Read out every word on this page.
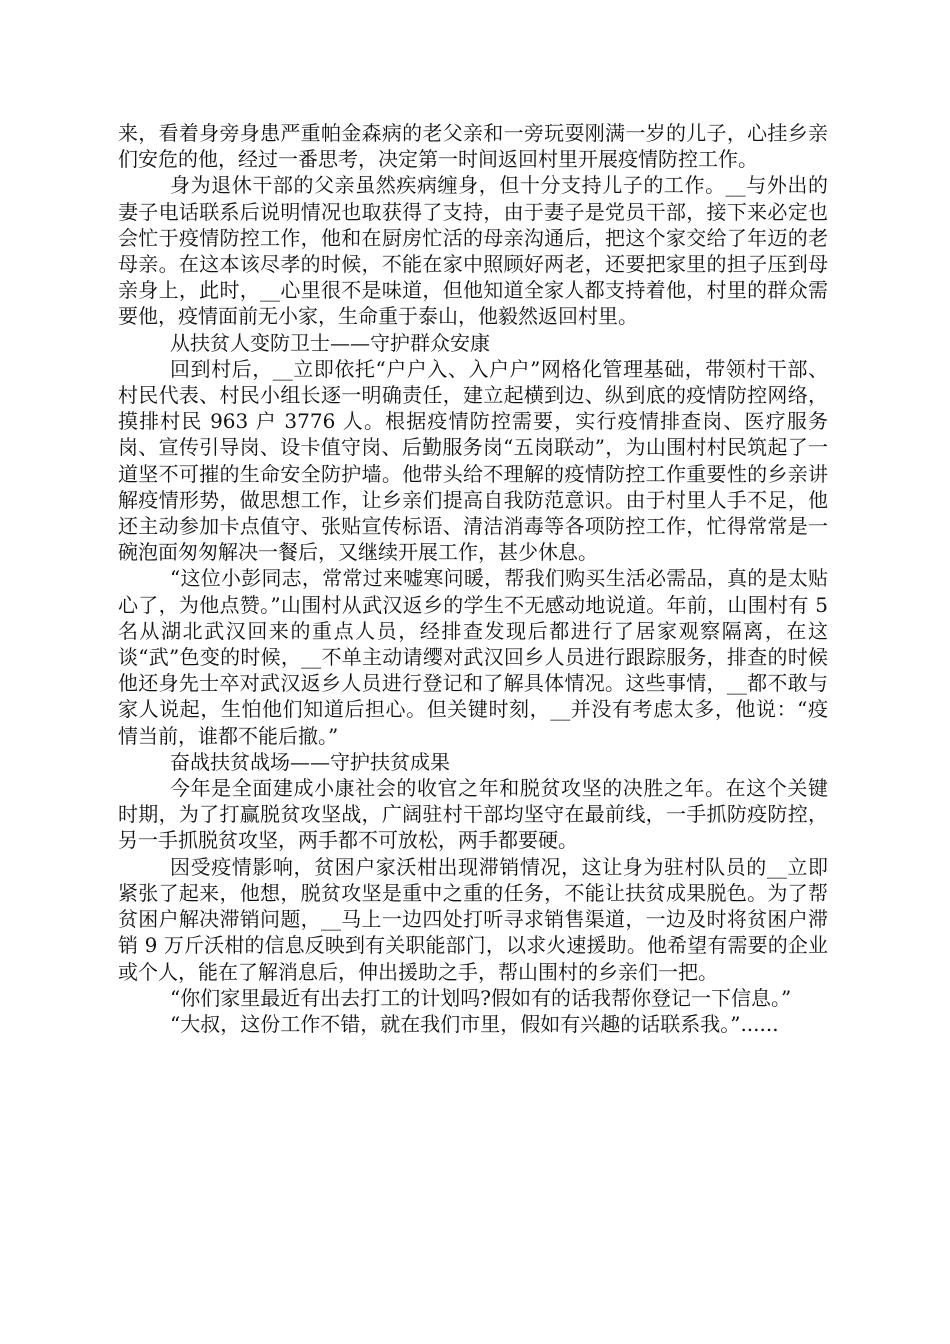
来，看着身旁身患严重帕金森病的老父亲和一旁玩耍刚满一岁的儿子，心挂乡亲们安危的他，经过一番思考，决定第一时间返回村里开展疫情防控工作。

身为退休干部的父亲虽然疾病缠身，但十分支持儿子的工作。__与外出的妻子电话联系后说明情况也取获得了支持，由于妻子是党员干部，接下来必定也会忙于疫情防控工作，他和在厨房忙活的母亲沟通后，把这个家交给了年迈的老母亲。在这本该尽孝的时候，不能在家中照顾好两老，还要把家里的担子压到母亲身上，此时，__心里很不是味道，但他知道全家人都支持着他，村里的群众需要他，疫情面前无小家，生命重于泰山，他毅然返回村里。

从扶贫人变防卫士——守护群众安康

回到村后，__立即依托“户户入、入户户”网格化管理基础，带领村干部、村民代表、村民小组长逐一明确责任，建立起横到边、纵到底的疫情防控网络，摸排村民 963 户 3776 人。根据疫情防控需要，实行疫情排查岗、医疗服务岗、宣传引导岗、设卡值守岗、后勤服务岗“五岗联动”，为山围村村民筑起了一道坚不可摧的生命安全防护墙。他带头给不理解的疫情防控工作重要性的乡亲讲解疫情形势，做思想工作，让乡亲们提高自我防范意识。由于村里人手不足，他还主动参加卡点值守、张贴宣传标语、清洁消毒等各项防控工作，忙得常常是一碗泡面匆匆解决一餐后，又继续开展工作，甚少休息。

“这位小彭同志，常常过来嘘寒问暖，帮我们购买生活必需品，真的是太贴心了，为他点赞。”山围村从武汉返乡的学生不无感动地说道。年前，山围村有 5 名从湖北武汉回来的重点人员，经排查发现后都进行了居家观察隔离，在这谈“武”色变的时候，__不单主动请缨对武汉回乡人员进行跟踪服务，排查的时候他还身先士卒对武汉返乡人员进行登记和了解具体情况。这些事情，__都不敢与家人说起，生怕他们知道后担心。但关键时刻，__并没有考虑太多，他说：“疫情当前，谁都不能后撤。”

奋战扶贫战场——守护扶贫成果

今年是全面建成小康社会的收官之年和脱贫攻坚的决胜之年。在这个关键时期，为了打赢脱贫攻坚战，广阔驻村干部均坚守在最前线，一手抓防疫防控，另一手抓脱贫攻坚，两手都不可放松，两手都要硬。

因受疫情影响，贫困户家沃柑出现滞销情况，这让身为驻村队员的__立即紧张了起来，他想，脱贫攻坚是重中之重的任务，不能让扶贫成果脱色。为了帮贫困户解决滞销问题，__马上一边四处打听寻求销售渠道，一边及时将贫困户滞销 9 万斤沃柑的信息反映到有关职能部门，以求火速援助。他希望有需要的企业或个人，能在了解消息后，伸出援助之手，帮山围村的乡亲们一把。

“你们家里最近有出去打工的计划吗?假如有的话我帮你登记一下信息。”

“大叔，这份工作不错，就在我们市里，假如有兴趣的话联系我。”......
